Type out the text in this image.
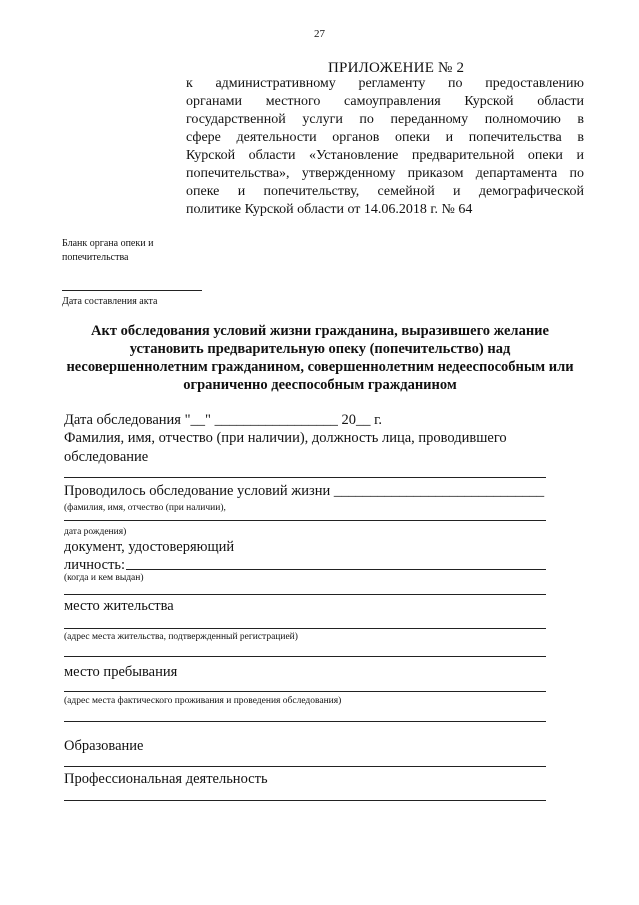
27
ПРИЛОЖЕНИЕ № 2
к административному регламенту по предоставлению
органами местного самоуправления Курской области
государственной услуги по переданному полномочию в
сфере деятельности органов опеки и попечительства в
Курской области «Установление предварительной опеки и
попечительства», утвержденному приказом департамента по
опеке и попечительству, семейной и демографической
политике Курской области от 14.06.2018 г. № 64
Бланк органа опеки и
попечительства
Дата составления акта
Акт обследования условий жизни гражданина, выразившего желание
установить предварительную опеку (попечительство) над
несовершеннолетним гражданином, совершеннолетним недееспособным или
ограниченно дееспособным гражданином
Дата обследования "__" _________________ 20__ г.
Фамилия, имя, отчество (при наличии), должность лица, проводившего
обследование
Проводилось обследование условий жизни _____________________________
(фамилия, имя, отчество (при наличии),
дата рождения)
документ, удостоверяющий
личность:
(когда и кем выдан)
место жительства
(адрес места жительства, подтвержденный регистрацией)
место пребывания
(адрес места фактического проживания и проведения обследования)
Образование
Профессиональная деятельность
